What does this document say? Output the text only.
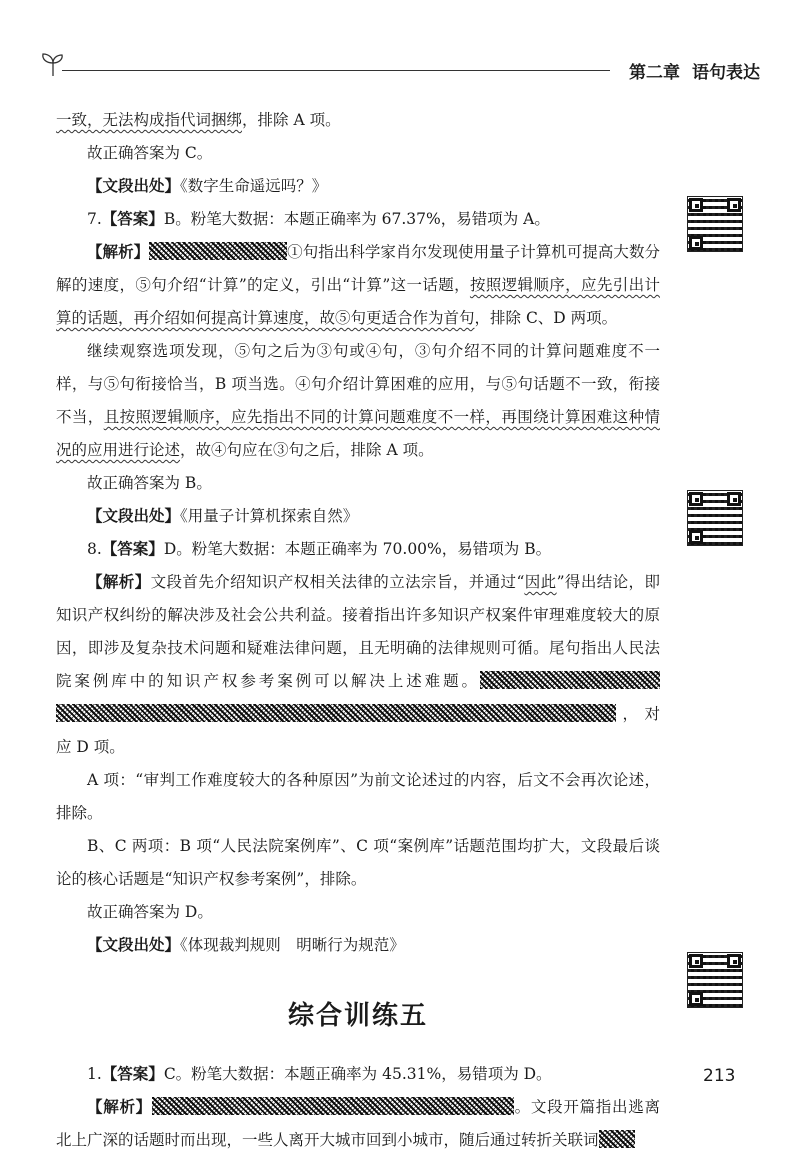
第二章 语句表达

一致，无法构成指代词捆绑，排除 A 项。

故正确答案为 C。

【文段出处】《数字生命遥远吗？》

7.【答案】B。粉笔大数据：本题正确率为 67.37%，易错项为 A。

【解析】	①句指出科学家肖尔发现使用量子计算机可提高大数分解的速度，⑤句介绍“计算”的定义，引出“计算”这一话题，按照逻辑顺序，应先引出计算的话题，再介绍如何提高计算速度，故⑤句更适合作为首句，排除 C、D 两项。

继续观察选项发现，⑤句之后为③句或④句，③句介绍不同的计算问题难度不一样，与⑤句衔接恰当，B 项当选。④句介绍计算困难的应用，与⑤句话题不一致，衔接不当，且按照逻辑顺序，应先指出不同的计算问题难度不一样，再围绕计算困难这种情况的应用进行论述，故④句应在③句之后，排除 A 项。

故正确答案为 B。

【文段出处】《用量子计算机探索自然》

8.【答案】D。粉笔大数据：本题正确率为 70.00%，易错项为 B。

【解析】文段首先介绍知识产权相关法律的立法宗旨，并通过“因此”得出结论，即知识产权纠纷的解决涉及社会公共利益。接着指出许多知识产权案件审理难度较大的原因，即涉及复杂技术问题和疑难法律问题，且无明确的法律规则可循。尾句指出人民法院案例库中的知识产权参考案例可以解决上述难题。，对应 D 项。

A 项：“审判工作难度较大的各种原因”为前文论述过的内容，后文不会再次论述，排除。

B、C 两项：B 项“人民法院案例库”、C 项“案例库”话题范围均扩大，文段最后谈论的核心话题是“知识产权参考案例”，排除。

故正确答案为 D。

【文段出处】《体现裁判规则　明晰行为规范》

综合训练五

1.【答案】C。粉笔大数据：本题正确率为 45.31%，易错项为 D。

【解析】	。文段开篇指出逃离北上广深的话题时而出现，一些人离开大城市回到小城市，随后通过转折关联词

213
